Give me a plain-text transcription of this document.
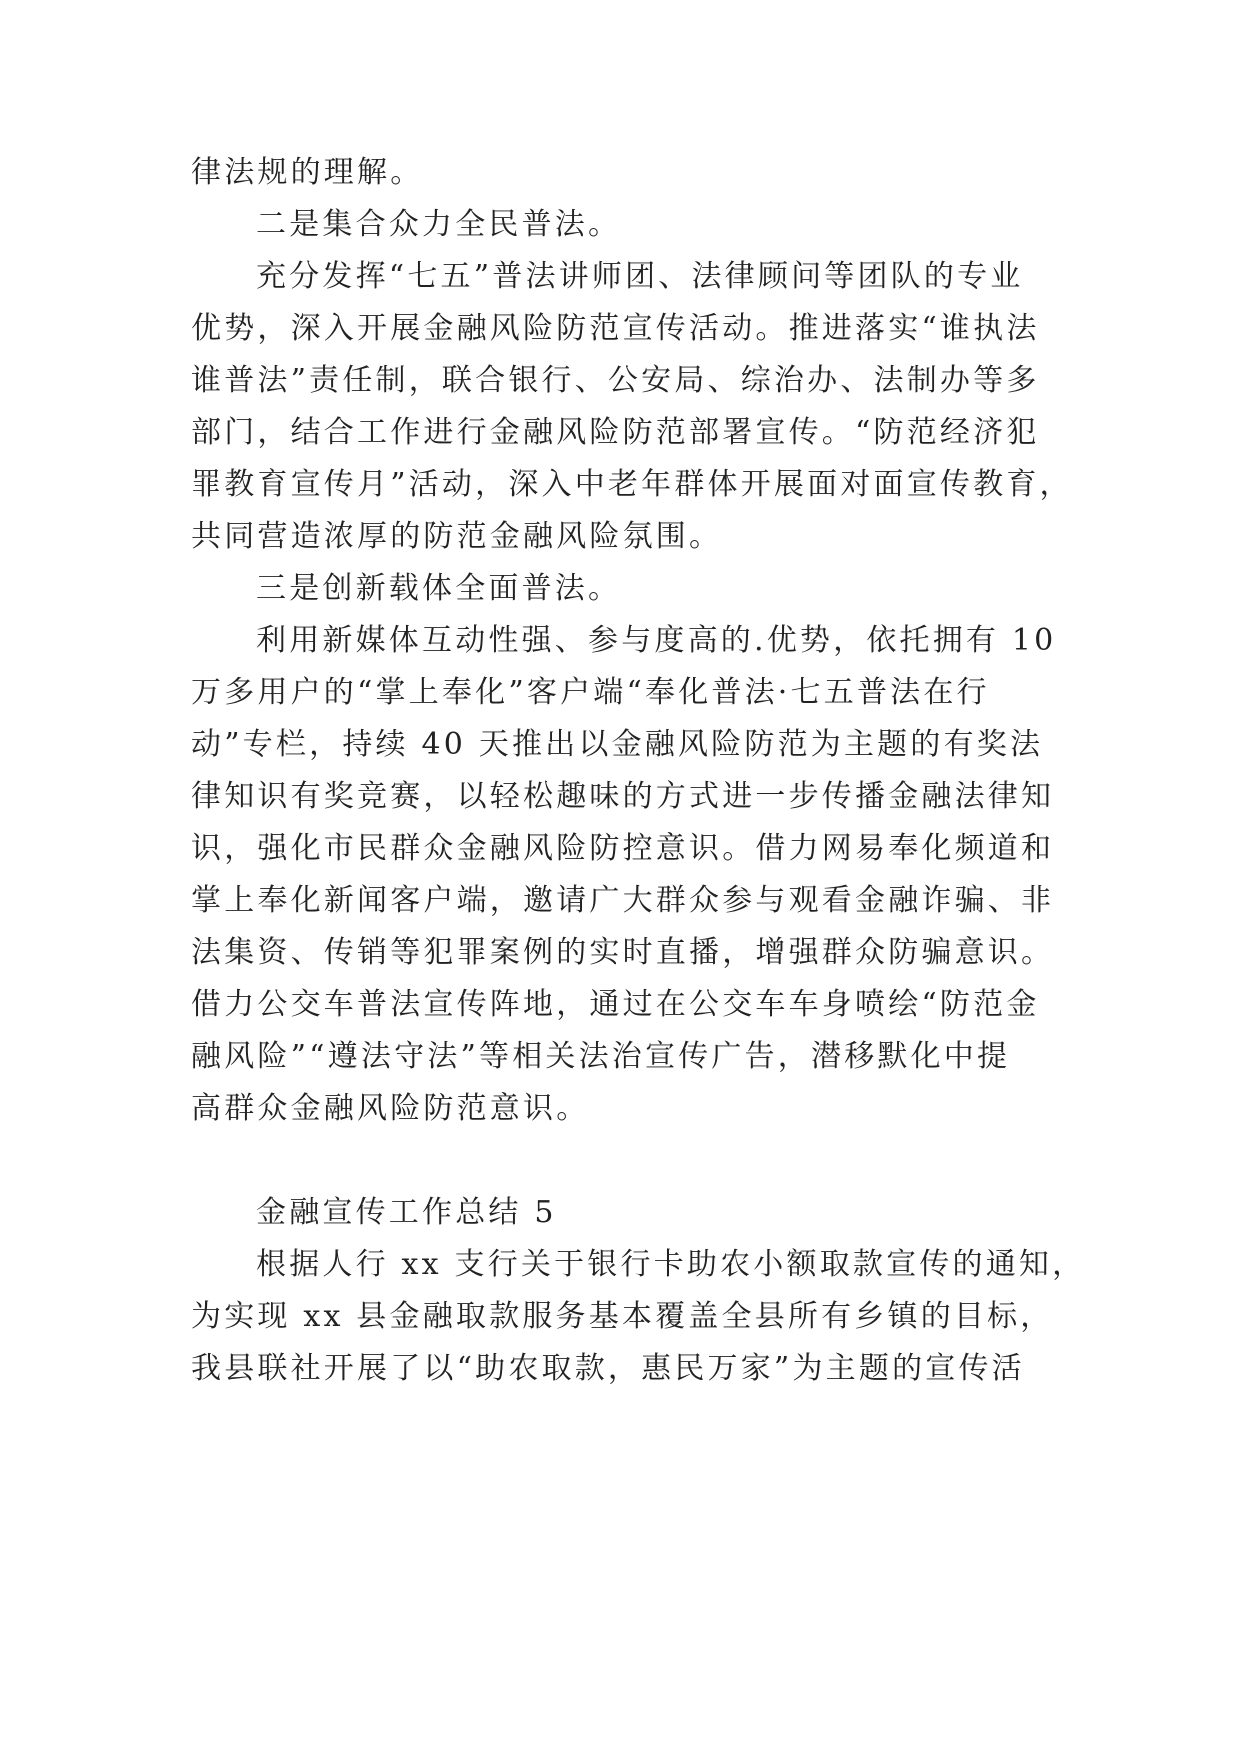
律法规的理解。
二是集合众力全民普法。
充分发挥“七五”普法讲师团、法律顾问等团队的专业
优势，深入开展金融风险防范宣传活动。推进落实“谁执法
谁普法”责任制，联合银行、公安局、综治办、法制办等多
部门，结合工作进行金融风险防范部署宣传。“防范经济犯
罪教育宣传月”活动，深入中老年群体开展面对面宣传教育，
共同营造浓厚的防范金融风险氛围。
三是创新载体全面普法。
利用新媒体互动性强、参与度高的.优势，依托拥有 10
万多用户的“掌上奉化”客户端“奉化普法·七五普法在行
动”专栏，持续 40 天推出以金融风险防范为主题的有奖法
律知识有奖竞赛，以轻松趣味的方式进一步传播金融法律知
识，强化市民群众金融风险防控意识。借力网易奉化频道和
掌上奉化新闻客户端，邀请广大群众参与观看金融诈骗、非
法集资、传销等犯罪案例的实时直播，增强群众防骗意识。
借力公交车普法宣传阵地，通过在公交车车身喷绘“防范金
融风险”“遵法守法”等相关法治宣传广告，潜移默化中提
高群众金融风险防范意识。
金融宣传工作总结 5
根据人行 xx 支行关于银行卡助农小额取款宣传的通知，
为实现 xx 县金融取款服务基本覆盖全县所有乡镇的目标，
我县联社开展了以“助农取款，惠民万家”为主题的宣传活
